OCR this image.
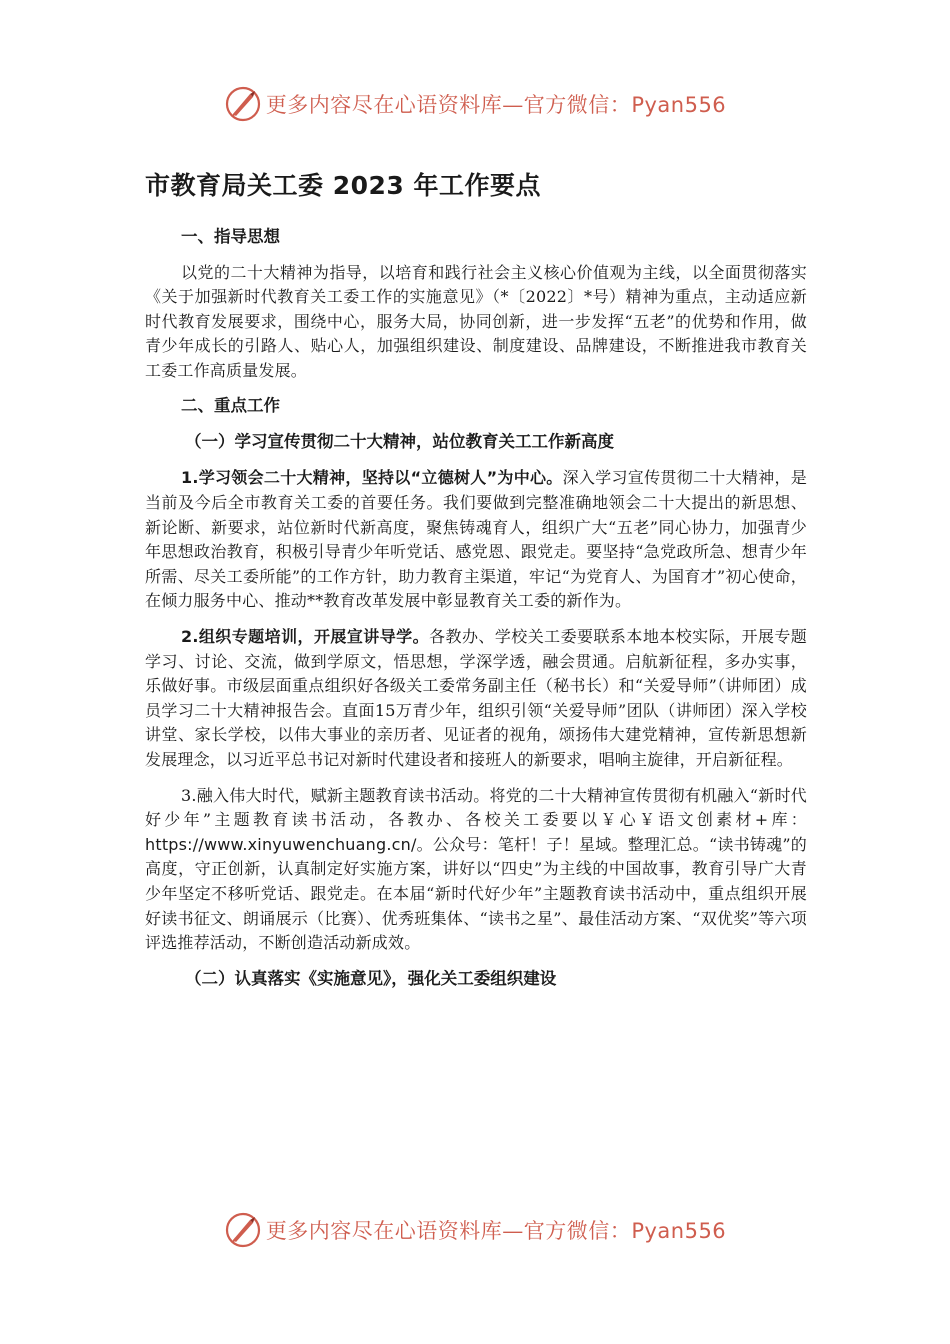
更多内容尽在心语资料库—官方微信：Pyan556
市教育局关工委 2023 年工作要点
一、指导思想

以党的二十大精神为指导，以培育和践行社会主义核心价值观为主线，以全面贯彻落实《关于加强新时代教育关工委工作的实施意见》（*〔2022〕*号）精神为重点，主动适应新时代教育发展要求，围绕中心，服务大局，协同创新，进一步发挥“五老”的优势和作用，做青少年成长的引路人、贴心人，加强组织建设、制度建设、品牌建设，不断推进我市教育关工委工作高质量发展。

二、重点工作
（一）学习宣传贯彻二十大精神，站位教育关工工作新高度

1.学习领会二十大精神，坚持以“立德树人”为中心。深入学习宣传贯彻二十大精神，是当前及今后全市教育关工委的首要任务。我们要做到完整准确地领会二十大提出的新思想、新论断、新要求，站位新时代新高度，聚焦铸魂育人，组织广大“五老”同心协力，加强青少年思想政治教育，积极引导青少年听党话、感党恩、跟党走。要坚持“急党政所急、想青少年所需、尽关工委所能”的工作方针，助力教育主渠道，牢记“为党育人、为国育才”初心使命，在倾力服务中心、推动**教育改革发展中彰显教育关工委的新作为。

2.组织专题培训，开展宣讲导学。各教办、学校关工委要联系本地本校实际，开展专题学习、讨论、交流，做到学原文，悟思想，学深学透，融会贯通。启航新征程，多办实事，乐做好事。市级层面重点组织好各级关工委常务副主任（秘书长）和“关爱导师”（讲师团）成员学习二十大精神报告会。直面15万青少年，组织引领“关爱导师”团队（讲师团）深入学校讲堂、家长学校，以伟大事业的亲历者、见证者的视角，颂扬伟大建党精神，宣传新思想新发展理念，以习近平总书记对新时代建设者和接班人的新要求，唱响主旋律，开启新征程。

3.融入伟大时代，赋新主题教育读书活动。将党的二十大精神宣传贯彻有机融入“新时代好少年”主题教育读书活动，各教办、各校关工委要以￥心￥语文创素材+库：https://www.xinyuwenchuang.cn/。公众号：笔杆！子！星域。整理汇总。“读书铸魂”的高度，守正创新，认真制定好实施方案，讲好以“四史”为主线的中国故事，教育引导广大青少年坚定不移听党话、跟党走。在本届“新时代好少年”主题教育读书活动中，重点组织开展好读书征文、朗诵展示（比赛）、优秀班集体、“读书之星”、最佳活动方案、“双优奖”等六项评选推荐活动，不断创造活动新成效。

（二）认真落实《实施意见》，强化关工委组织建设
更多内容尽在心语资料库—官方微信：Pyan556
